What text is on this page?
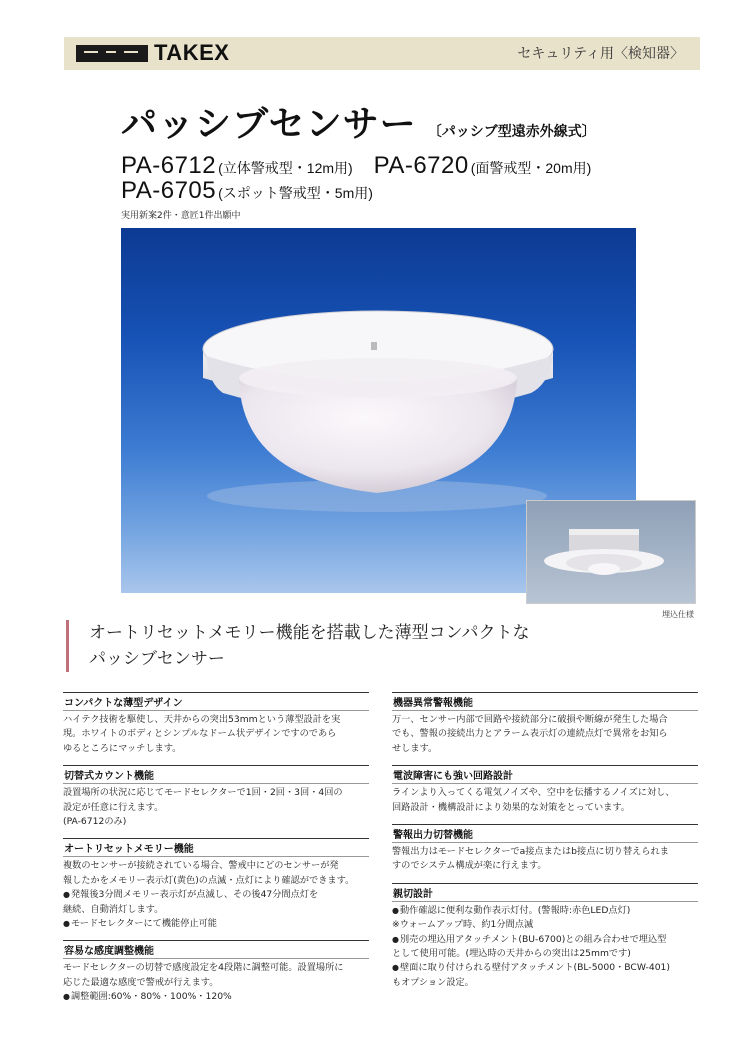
TAKEX	セキュリティ用〈検知器〉
パッシブセンサー 〔パッシブ型遠赤外線式〕
PA-6712 (立体警戒型・12m用) PA-6720 (面警戒型・20m用)
PA-6705 (スポット警戒型・5m用)
実用新案2件・意匠1件出願中
埋込仕様
オートリセットメモリー機能を搭載した薄型コンパクトな
パッシブセンサー
コンパクトな薄型デザイン

ハイテク技術を駆使し、天井からの突出53mmという薄型設計を実

現。ホワイトのボディとシンプルなドーム状デザインですのであら

ゆるところにマッチします。

切替式カウント機能

設置場所の状況に応じてモードセレクターで1回・2回・3回・4回の

設定が任意に行えます。

(PA-6712のみ)

オートリセットメモリー機能

複数のセンサーが接続されている場合、警戒中にどのセンサーが発

報したかをメモリー表示灯(黄色)の点滅・点灯により確認ができます。

● 発報後3分間メモリー表示灯が点滅し、その後47分間点灯を

継続、自動消灯します。

● モードセレクターにて機能停止可能

容易な感度調整機能

モードセレクターの切替で感度設定を4段階に調整可能。設置場所に

応じた最適な感度で警戒が行えます。

● 調整範囲:60%・80%・100%・120%

機器異常警報機能

万一、センサー内部で回路や接続部分に破損や断線が発生した場合

でも、警報の接続出力とアラーム表示灯の連続点灯で異常をお知ら

せします。

電波障害にも強い回路設計

ラインより入ってくる電気ノイズや、空中を伝播するノイズに対し、

回路設計・機構設計により効果的な対策をとっています。

警報出力切替機能

警報出力はモードセレクターでa接点またはb接点に切り替えられま

すのでシステム構成が楽に行えます。

親切設計

● 動作確認に便利な動作表示灯付。(警報時:赤色LED点灯)

※ウォームアップ時、約1分間点滅

● 別売の埋込用アタッチメント(BU-6700)との組み合わせで埋込型

として使用可能。(埋込時の天井からの突出は25mmです)

● 壁面に取り付けられる壁付アタッチメント(BL-5000・BCW-401)

もオプション設定。
